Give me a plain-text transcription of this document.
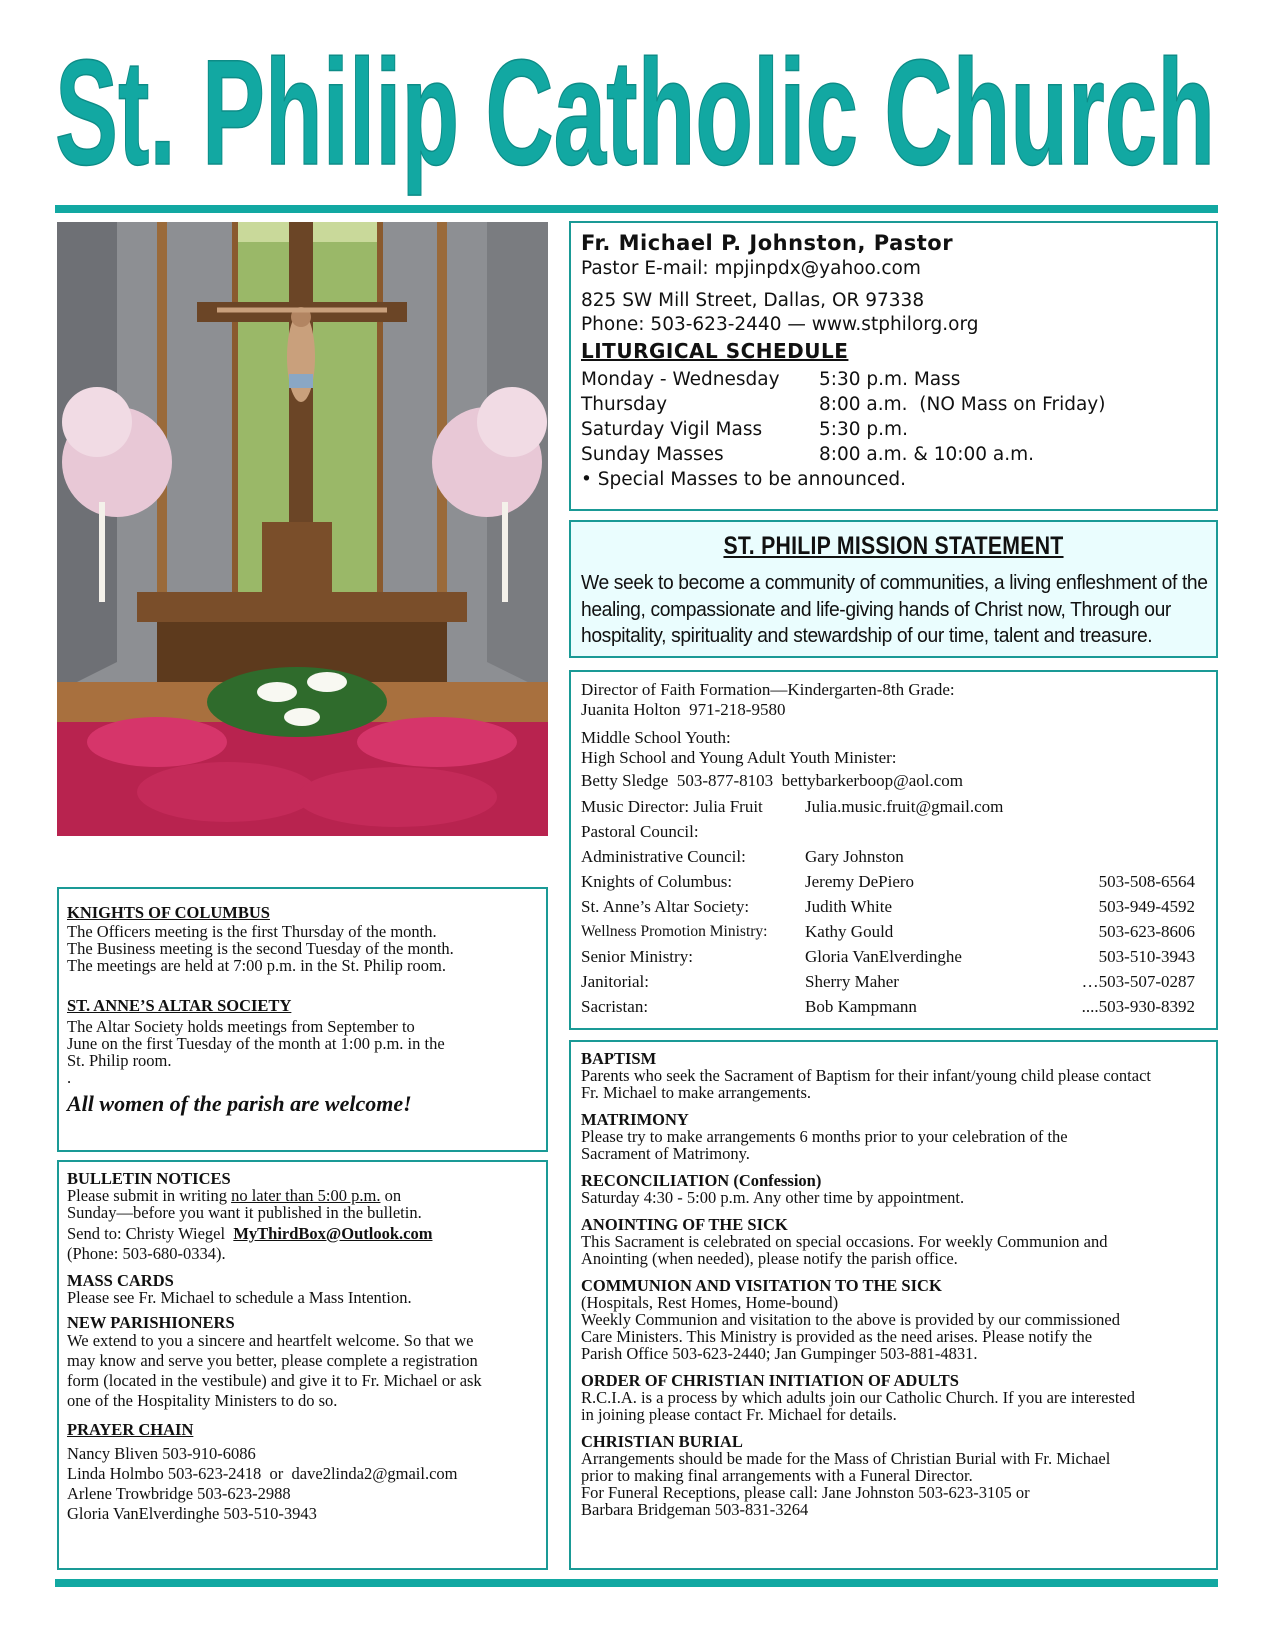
St. Philip Catholic Church
Fr. Michael P. Johnston, Pastor
Pastor E-mail: mpjinpdx@yahoo.com
825 SW Mill Street, Dallas, OR 97338
Phone: 503-623-2440 — www.stphilorg.org
LITURGICAL SCHEDULE
Monday - Wednesday	5:30 p.m. Mass
Thursday	8:00 a.m.  (NO Mass on Friday)
Saturday Vigil Mass	5:30 p.m.
Sunday Masses	8:00 a.m. & 10:00 a.m.
• Special Masses to be announced.
ST. PHILIP MISSION STATEMENT
We seek to become a community of communities, a living enfleshment of the healing, compassionate and life-giving hands of Christ now, Through our hospitality, spirituality and stewardship of our time, talent and treasure.
Director of Faith Formation—Kindergarten-8th Grade:
Juanita Holton  971-218-9580
Middle School Youth:
High School and Young Adult Youth Minister:
Betty Sledge  503-877-8103  bettybarkerboop@aol.com
Music Director: Julia Fruit	Julia.music.fruit@gmail.com
Pastoral Council:
Administrative Council:	Gary Johnston
Knights of Columbus:	Jeremy DePiero	503-508-6564
St. Anne’s Altar Society:	Judith White	503-949-4592
Wellness Promotion Ministry:	Kathy Gould	503-623-8606
Senior Ministry:	Gloria VanElverdinghe	503-510-3943
Janitorial:	Sherry Maher	…503-507-0287
Sacristan:	Bob Kampmann	....503-930-8392
BAPTISM
Parents who seek the Sacrament of Baptism for their infant/young child please contact
Fr. Michael to make arrangements.
MATRIMONY
Please try to make arrangements 6 months prior to your celebration of the
Sacrament of Matrimony.
RECONCILIATION (Confession)
Saturday 4:30 - 5:00 p.m. Any other time by appointment.
ANOINTING OF THE SICK
This Sacrament is celebrated on special occasions. For weekly Communion and
Anointing (when needed), please notify the parish office.
COMMUNION AND VISITATION TO THE SICK
(Hospitals, Rest Homes, Home-bound)
Weekly Communion and visitation to the above is provided by our commissioned
Care Ministers. This Ministry is provided as the need arises. Please notify the
Parish Office 503-623-2440; Jan Gumpinger 503-881-4831.
ORDER OF CHRISTIAN INITIATION OF ADULTS
R.C.I.A. is a process by which adults join our Catholic Church. If you are interested
in joining please contact Fr. Michael for details.
CHRISTIAN BURIAL
Arrangements should be made for the Mass of Christian Burial with Fr. Michael
prior to making final arrangements with a Funeral Director.
For Funeral Receptions, please call: Jane Johnston 503-623-3105 or
Barbara Bridgeman 503-831-3264
KNIGHTS OF COLUMBUS
The Officers meeting is the first Thursday of the month.
The Business meeting is the second Tuesday of the month.
The meetings are held at 7:00 p.m. in the St. Philip room.
ST. ANNE’S ALTAR SOCIETY
The Altar Society holds meetings from September to
June on the first Tuesday of the month at 1:00 p.m. in the
St. Philip room.
.
All women of the parish are welcome!
BULLETIN NOTICES
Please submit in writing no later than 5:00 p.m. on
Sunday—before you want it published in the bulletin.
Send to: Christy Wiegel  MyThirdBox@Outlook.com
(Phone: 503-680-0334).
MASS CARDS
Please see Fr. Michael to schedule a Mass Intention.
NEW PARISHIONERS
We extend to you a sincere and heartfelt welcome. So that we
may know and serve you better, please complete a registration
form (located in the vestibule) and give it to Fr. Michael or ask
one of the Hospitality Ministers to do so.
PRAYER CHAIN
Nancy Bliven 503-910-6086
Linda Holmbo 503-623-2418  or  dave2linda2@gmail.com
Arlene Trowbridge 503-623-2988
Gloria VanElverdinghe 503-510-3943
